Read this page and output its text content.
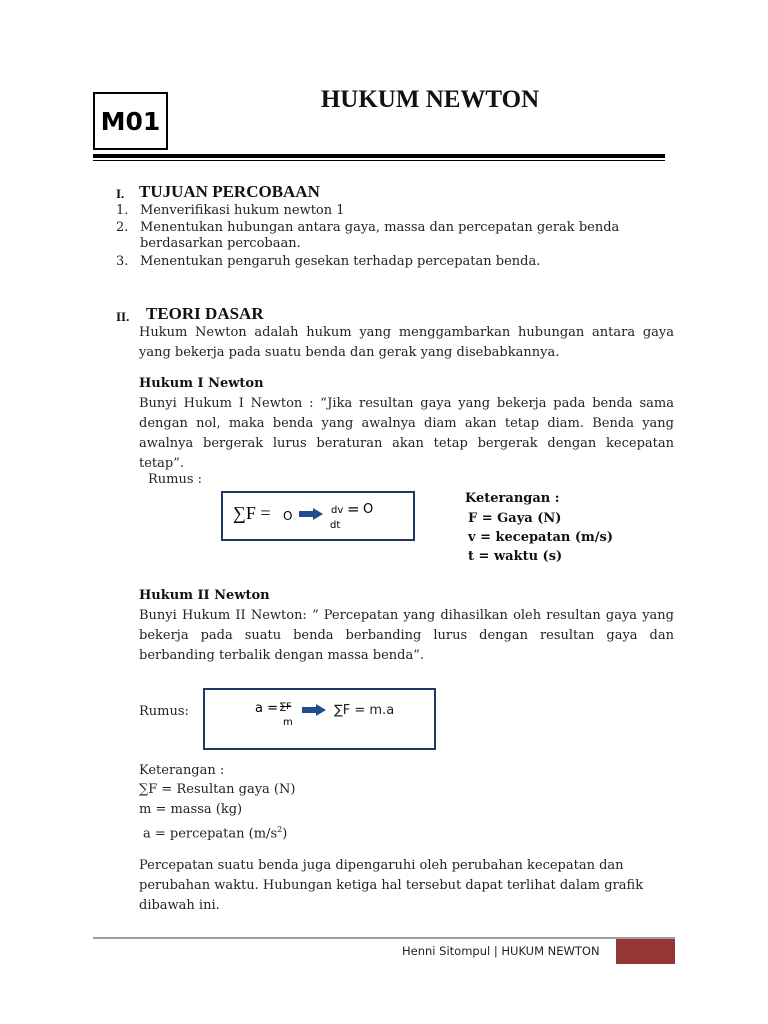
M01
HUKUM NEWTON
I. TUJUAN PERCOBAAN
1. Menverifikasi hukum newton 1
2. Menentukan hubungan antara gaya, massa dan percepatan gerak benda berdasarkan percobaan.
3. Menentukan pengaruh gesekan terhadap percepatan benda.
II. TEORI DASAR
Hukum Newton adalah hukum yang menggambarkan hubungan antara gaya yang bekerja pada suatu benda dan gerak yang disebabkannya.
Hukum I Newton
Bunyi Hukum I Newton : “Jika resultan gaya yang bekerja pada benda sama dengan nol, maka benda yang awalnya diam akan tetap diam. Benda yang awalnya bergerak lurus beraturan akan tetap bergerak dengan kecepatan tetap”.
Rumus :
∑F = O	dv = O
dt
Keterangan :
F = Gaya (N)
v = kecepatan (m/s)
t = waktu (s)
Hukum II Newton
Bunyi Hukum II Newton: “ Percepatan yang dihasilkan oleh resultan gaya yang bekerja pada suatu benda berbanding lurus dengan resultan gaya dan berbanding terbalik dengan massa benda”.
Rumus:	a = ∑F
m
∑F = m.a
Keterangan :
∑F = Resultan gaya (N)
m = massa (kg)
a = percepatan $(m/s^2)$
Percepatan suatu benda juga dipengaruhi oleh perubahan kecepatan dan perubahan waktu. Hubungan ketiga hal tersebut dapat terlihat dalam grafik dibawah ini.
Henni Sitompul | HUKUM NEWTON
